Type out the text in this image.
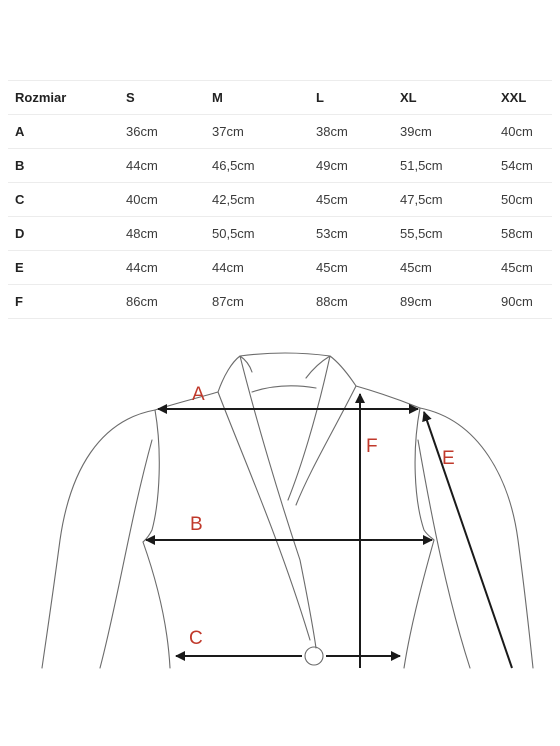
Rozmiar	S	M	L	XL	XXL
A	36cm	37cm	38cm	39cm	40cm
B	44cm	46,5cm	49cm	51,5cm	54cm
C	40cm	42,5cm	45cm	47,5cm	50cm
D	48cm	50,5cm	53cm	55,5cm	58cm
E	44cm	44cm	45cm	45cm	45cm
F	86cm	87cm	88cm	89cm	90cm
A
B
C
E
F
